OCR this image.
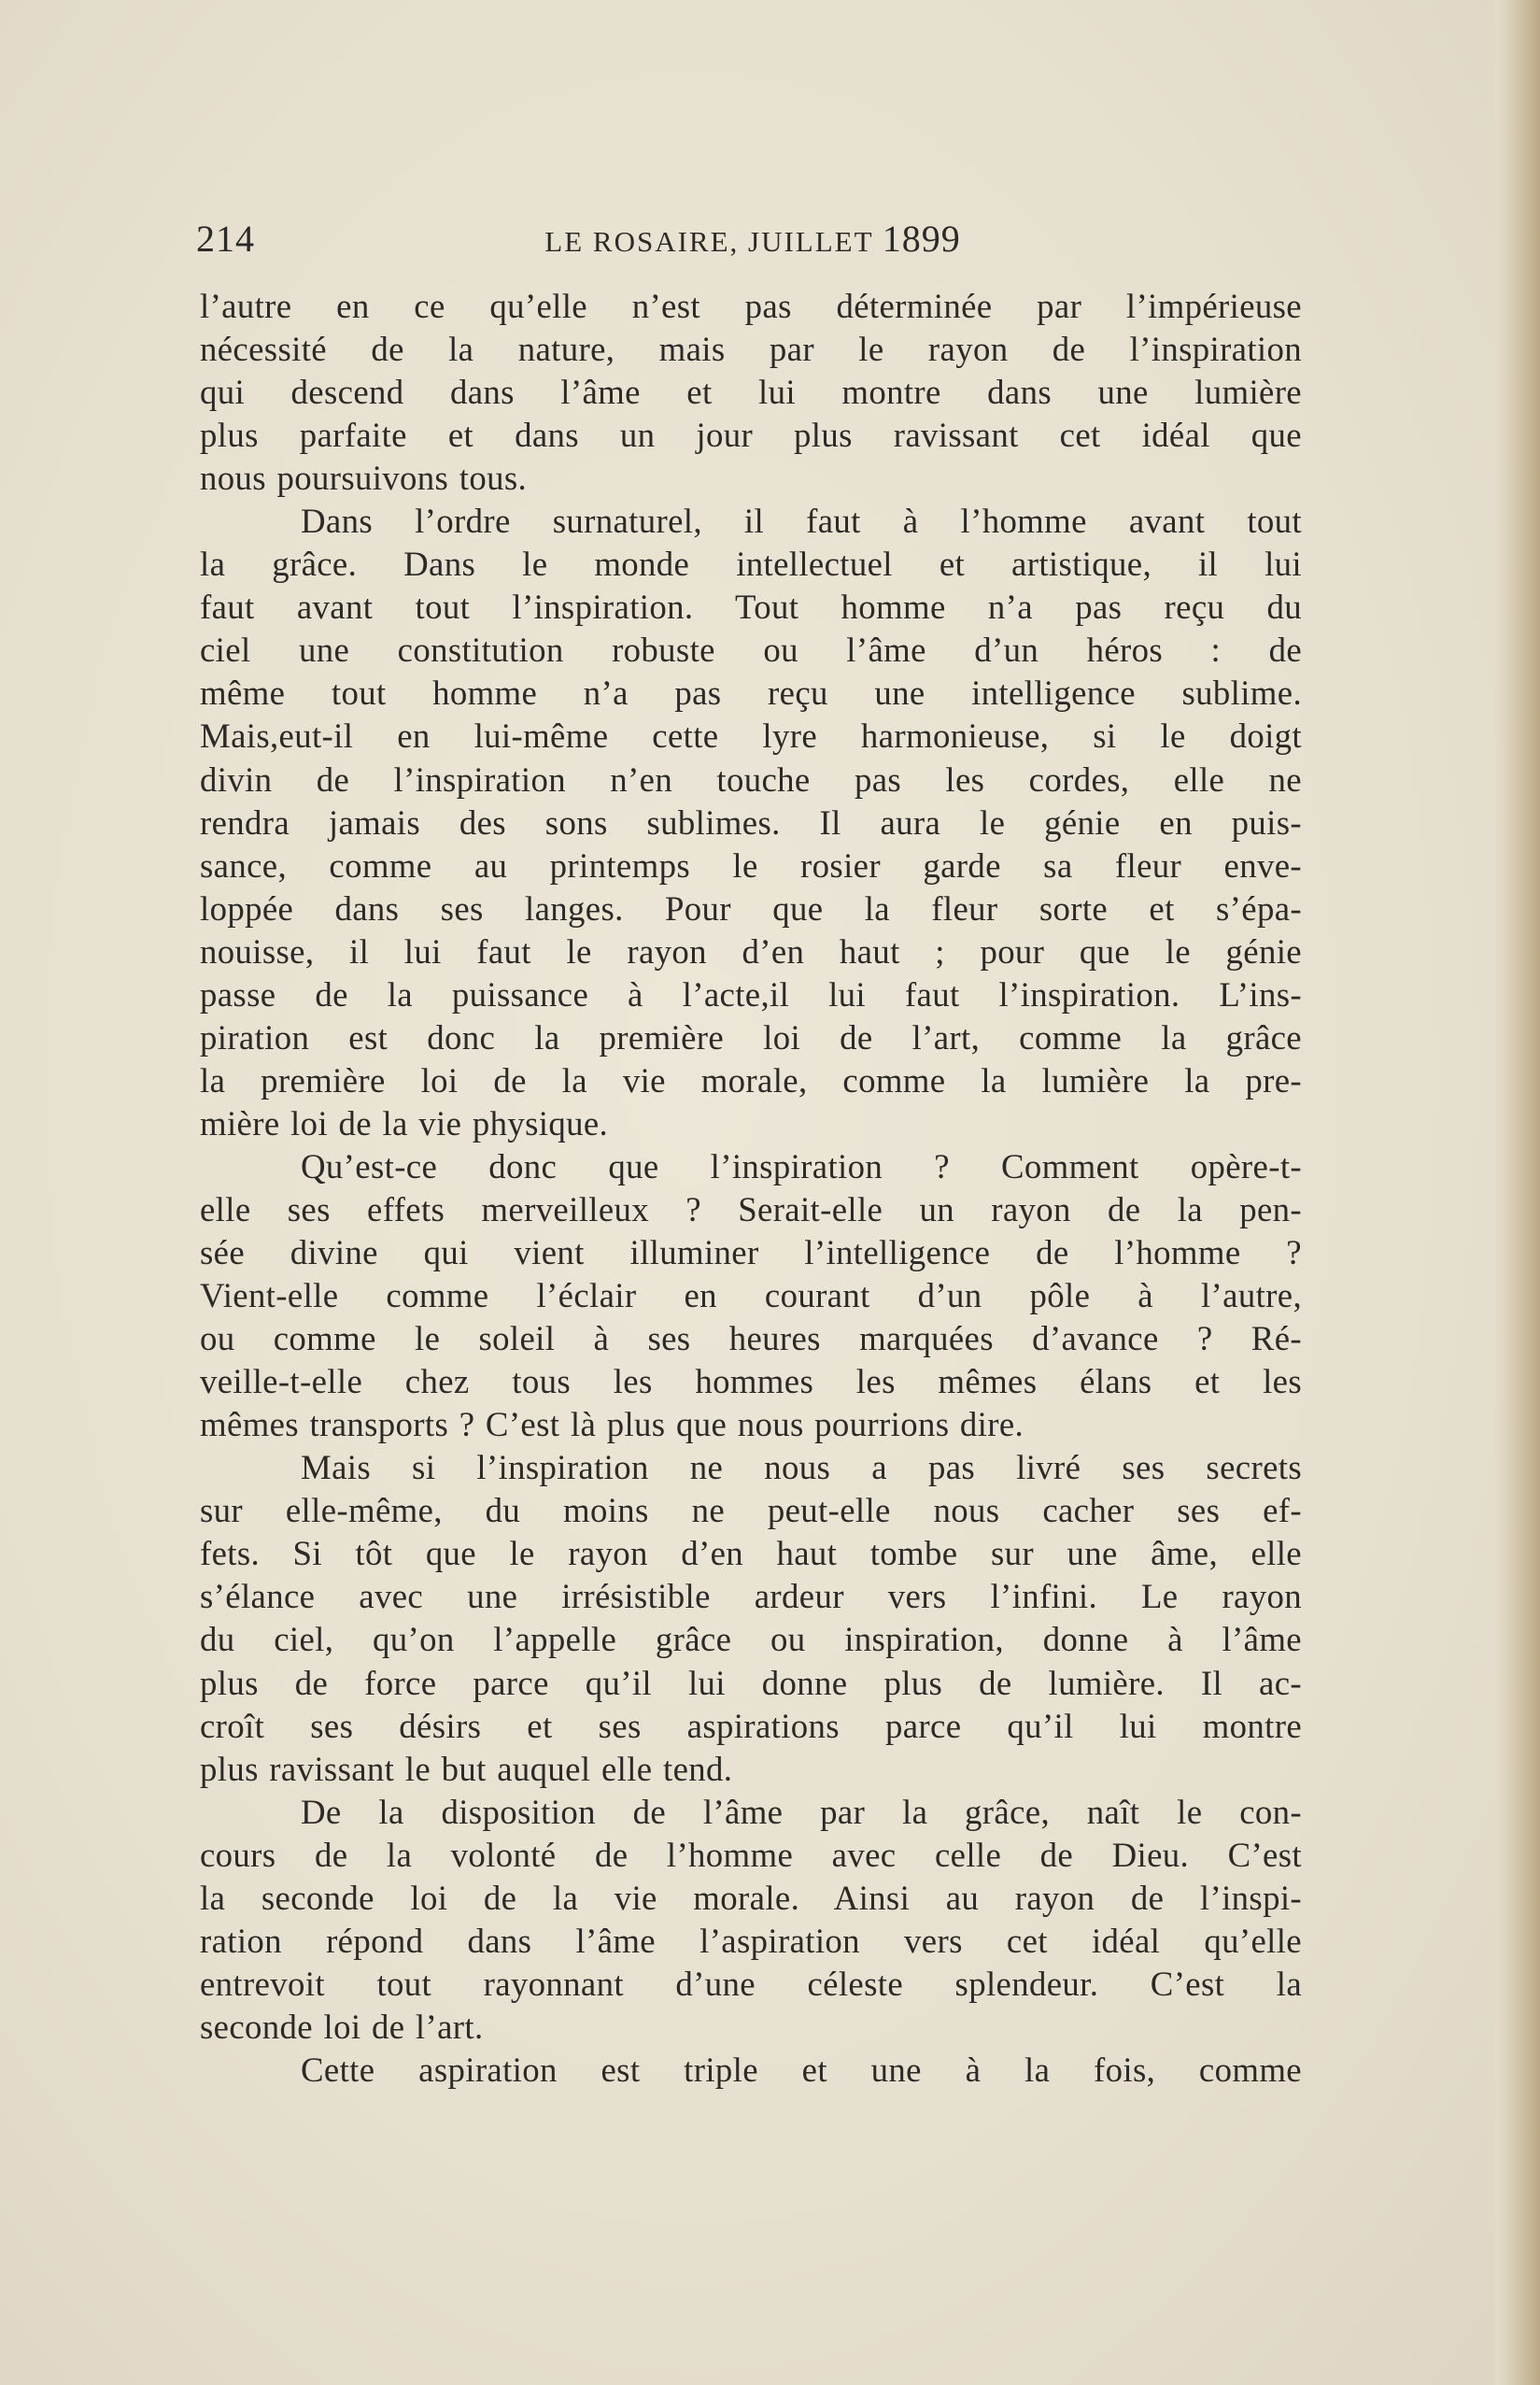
214	LE ROSAIRE, JUILLET 1899
l’autre en ce qu’elle n’est pas déterminée par l’impérieuse
nécessité de la nature, mais par le rayon de l’inspiration
qui descend dans l’âme et lui montre dans une lumière
plus parfaite et dans un jour plus ravissant cet idéal que
nous poursuivons tous.
Dans l’ordre surnaturel, il faut à l’homme avant tout
la grâce. Dans le monde intellectuel et artistique, il lui
faut avant tout l’inspiration. Tout homme n’a pas reçu du
ciel une constitution robuste ou l’âme d’un héros : de
même tout homme n’a pas reçu une intelligence sublime.
Mais,eut-il en lui-même cette lyre harmonieuse, si le doigt
divin de l’inspiration n’en touche pas les cordes, elle ne
rendra jamais des sons sublimes. Il aura le génie en puis-
sance, comme au printemps le rosier garde sa fleur enve-
loppée dans ses langes. Pour que la fleur sorte et s’épa-
nouisse, il lui faut le rayon d’en haut ; pour que le génie
passe de la puissance à l’acte,il lui faut l’inspiration. L’ins-
piration est donc la première loi de l’art, comme la grâce
la première loi de la vie morale, comme la lumière la pre-
mière loi de la vie physique.
Qu’est-ce donc que l’inspiration ? Comment opère-t-
elle ses effets merveilleux ? Serait-elle un rayon de la pen-
sée divine qui vient illuminer l’intelligence de l’homme ?
Vient-elle comme l’éclair en courant d’un pôle à l’autre,
ou comme le soleil à ses heures marquées d’avance ? Ré-
veille-t-elle chez tous les hommes les mêmes élans et les
mêmes transports ? C’est là plus que nous pourrions dire.
Mais si l’inspiration ne nous a pas livré ses secrets
sur elle-même, du moins ne peut-elle nous cacher ses ef-
fets. Si tôt que le rayon d’en haut tombe sur une âme, elle
s’élance avec une irrésistible ardeur vers l’infini. Le rayon
du ciel, qu’on l’appelle grâce ou inspiration, donne à l’âme
plus de force parce qu’il lui donne plus de lumière. Il ac-
croît ses désirs et ses aspirations parce qu’il lui montre
plus ravissant le but auquel elle tend.
De la disposition de l’âme par la grâce, naît le con-
cours de la volonté de l’homme avec celle de Dieu. C’est
la seconde loi de la vie morale. Ainsi au rayon de l’inspi-
ration répond dans l’âme l’aspiration vers cet idéal qu’elle
entrevoit tout rayonnant d’une céleste splendeur. C’est la
seconde loi de l’art.
Cette aspiration est triple et une à la fois, comme
